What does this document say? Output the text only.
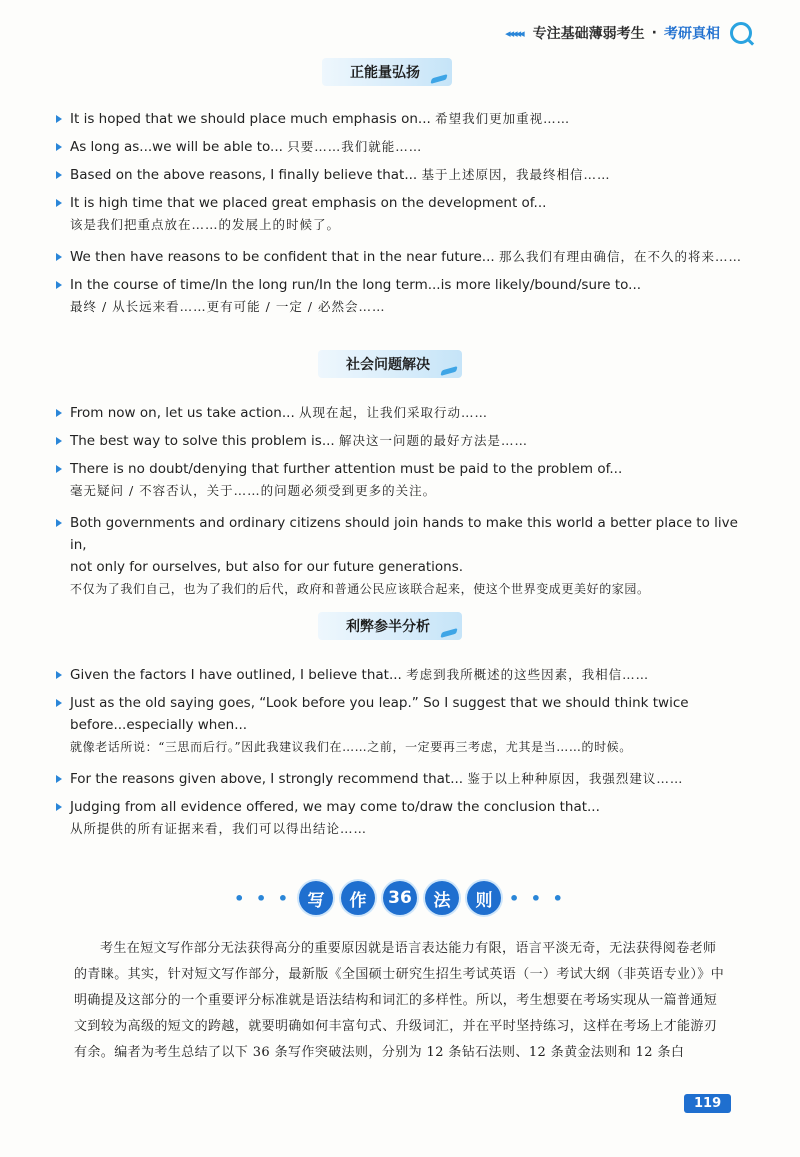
◂◂◂◂◂ 专注基础薄弱考生 · 考研真相
正能量弘扬
It is hoped that we should place much emphasis on... 希望我们更加重视……
As long as...we will be able to... 只要……我们就能……
Based on the above reasons, I finally believe that... 基于上述原因，我最终相信……
It is high time that we placed great emphasis on the development of...
该是我们把重点放在……的发展上的时候了。
We then have reasons to be confident that in the near future... 那么我们有理由确信，在不久的将来……
In the course of time/In the long run/In the long term...is more likely/bound/sure to...
最终 / 从长远来看……更有可能 / 一定 / 必然会……
社会问题解决
From now on, let us take action... 从现在起，让我们采取行动……
The best way to solve this problem is... 解决这一问题的最好方法是……
There is no doubt/denying that further attention must be paid to the problem of...
毫无疑问 / 不容否认，关于……的问题必须受到更多的关注。
Both governments and ordinary citizens should join hands to make this world a better place to live in,
not only for ourselves, but also for our future generations.
不仅为了我们自己，也为了我们的后代，政府和普通公民应该联合起来，使这个世界变成更美好的家园。
利弊参半分析
Given the factors I have outlined, I believe that... 考虑到我所概述的这些因素，我相信……
Just as the old saying goes, “Look before you leap.” So I suggest that we should think twice
before...especially when...
就像老话所说：“三思而后行。”因此我建议我们在……之前，一定要再三考虑，尤其是当……的时候。
For the reasons given above, I strongly recommend that... 鉴于以上种种原因，我强烈建议……
Judging from all evidence offered, we may come to/draw the conclusion that...
从所提供的所有证据来看，我们可以得出结论……
• • • 写	作	36	法	则	• • •
考生在短文写作部分无法获得高分的重要原因就是语言表达能力有限，语言平淡无奇，无法获得阅卷老师的青睐。其实，针对短文写作部分，最新版《全国硕士研究生招生考试英语（一）考试大纲（非英语专业）》中明确提及这部分的一个重要评分标准就是语法结构和词汇的多样性。所以，考生想要在考场实现从一篇普通短文到较为高级的短文的跨越，就要明确如何丰富句式、升级词汇，并在平时坚持练习，这样在考场上才能游刃有余。编者为考生总结了以下 36 条写作突破法则，分别为 12 条钻石法则、12 条黄金法则和 12 条白
119
